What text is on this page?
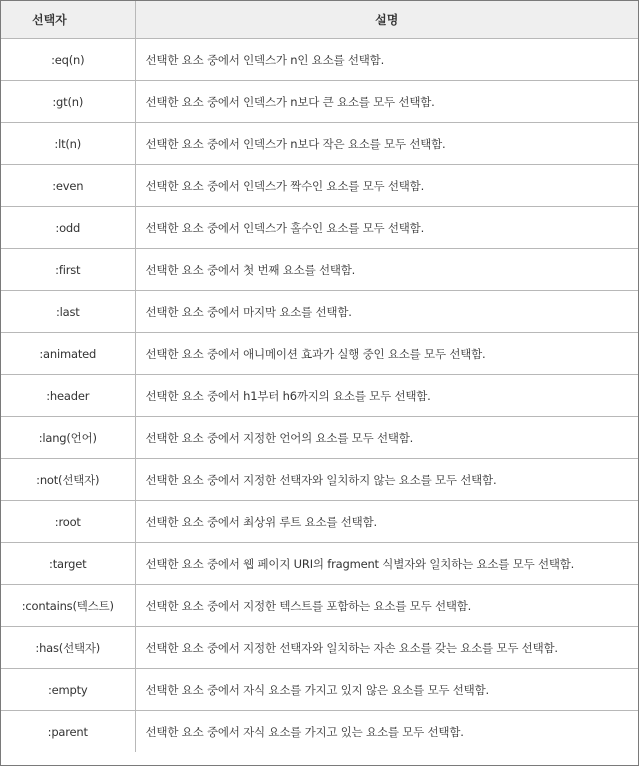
선택자	설명
:eq(n)	선택한 요소 중에서 인덱스가 n인 요소를 선택함.
:gt(n)	선택한 요소 중에서 인덱스가 n보다 큰 요소를 모두 선택함.
:lt(n)	선택한 요소 중에서 인덱스가 n보다 작은 요소를 모두 선택함.
:even	선택한 요소 중에서 인덱스가 짝수인 요소를 모두 선택함.
:odd	선택한 요소 중에서 인덱스가 홀수인 요소를 모두 선택함.
:first	선택한 요소 중에서 첫 번째 요소를 선택함.
:last	선택한 요소 중에서 마지막 요소를 선택함.
:animated	선택한 요소 중에서 애니메이션 효과가 실행 중인 요소를 모두 선택함.
:header	선택한 요소 중에서 h1부터 h6까지의 요소를 모두 선택함.
:lang(언어)	선택한 요소 중에서 지정한 언어의 요소를 모두 선택함.
:not(선택자)	선택한 요소 중에서 지정한 선택자와 일치하지 않는 요소를 모두 선택함.
:root	선택한 요소 중에서 최상위 루트 요소를 선택함.
:target	선택한 요소 중에서 웹 페이지 URI의 fragment 식별자와 일치하는 요소를 모두 선택함.
:contains(텍스트)	선택한 요소 중에서 지정한 텍스트를 포함하는 요소를 모두 선택함.
:has(선택자)	선택한 요소 중에서 지정한 선택자와 일치하는 자손 요소를 갖는 요소를 모두 선택함.
:empty	선택한 요소 중에서 자식 요소를 가지고 있지 않은 요소를 모두 선택함.
:parent	선택한 요소 중에서 자식 요소를 가지고 있는 요소를 모두 선택함.
